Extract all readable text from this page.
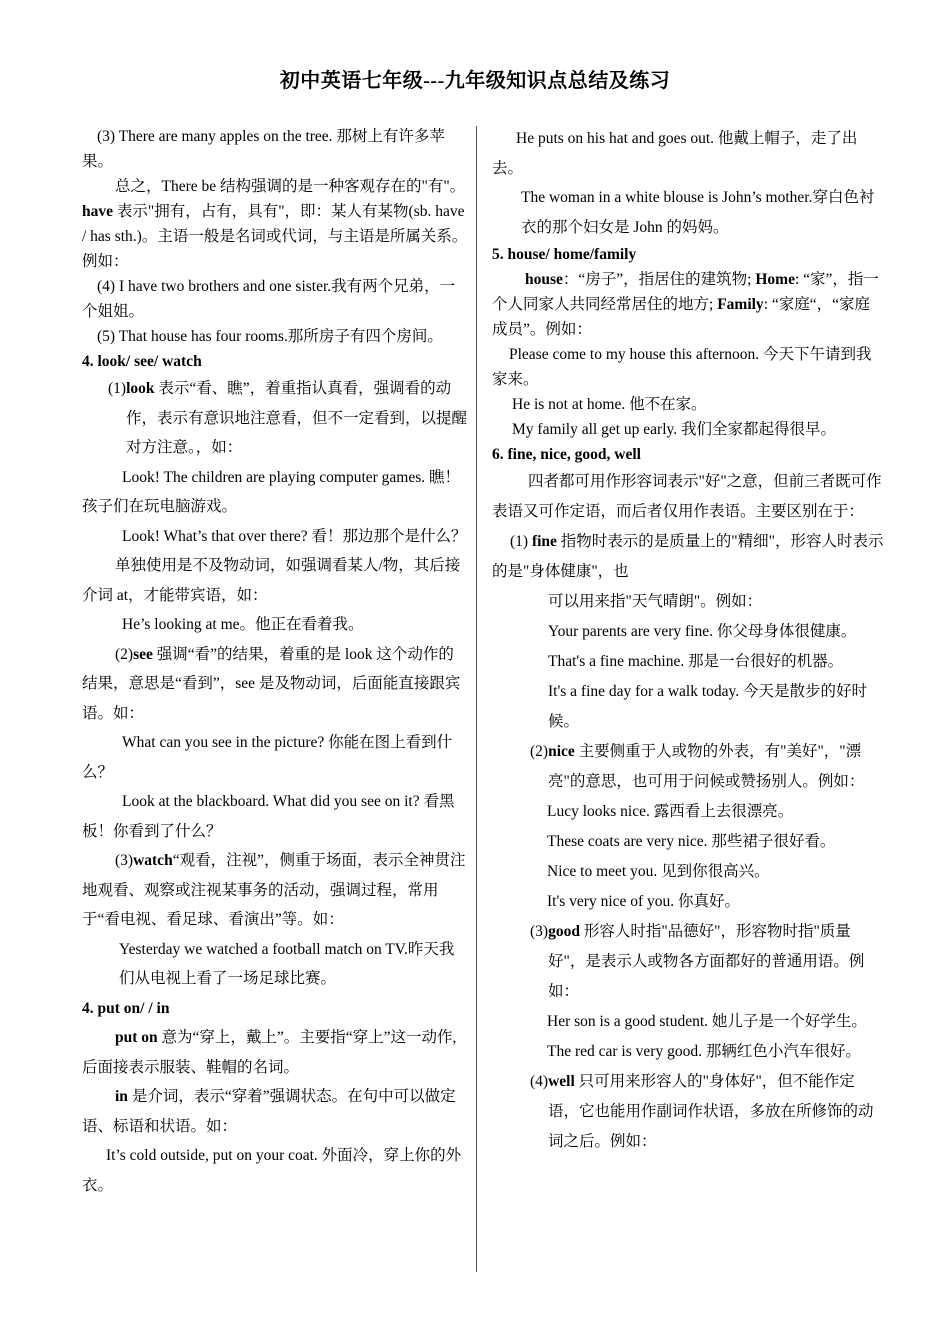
初中英语七年级---九年级知识点总结及练习

(3) There are many apples on the tree. 那树上有许多苹果。

总之，There be 结构强调的是一种客观存在的"有"。have 表示"拥有，占有，具有"，即：某人有某物(sb. have / has sth.)。主语一般是名词或代词，与主语是所属关系。例如：

(4) I have two brothers and one sister.我有两个兄弟，一个姐姐。

(5) That house has four rooms.那所房子有四个房间。

4. look/ see/ watch

(1)look 表示“看、瞧”，着重指认真看，强调看的动作，表示有意识地注意看，但不一定看到，以提醒对方注意。，如：

Look! The children are playing computer games. 瞧！孩子们在玩电脑游戏。

Look! What’s that over there? 看！那边那个是什么？

单独使用是不及物动词，如强调看某人/物，其后接介词 at，才能带宾语，如：

He’s looking at me。他正在看着我。

(2)see 强调“看”的结果，着重的是 look 这个动作的结果，意思是“看到”，see 是及物动词，后面能直接跟宾语。如：

What can you see in the picture? 你能在图上看到什么？

Look at the blackboard. What did you see on it? 看黑板！你看到了什么？

(3)watch“观看，注视”，侧重于场面，表示全神贯注地观看、观察或注视某事务的活动，强调过程，常用于“看电视、看足球、看演出”等。如：

Yesterday we watched a football match on TV.昨天我们从电视上看了一场足球比赛。

4. put on/ / in

put on 意为“穿上，戴上”。主要指“穿上”这一动作, 后面接表示服装、鞋帽的名词。

in 是介词，表示“穿着”强调状态。在句中可以做定语、标语和状语。如：

It’s cold outside, put on your coat. 外面冷，穿上你的外衣。

He puts on his hat and goes out. 他戴上帽子，走了出去。

The woman in a white blouse is John’s mother.穿白色衬衣的那个妇女是 John 的妈妈。

5. house/ home/family

house：“房子”，指居住的建筑物; Home: “家”，指一个人同家人共同经常居住的地方; Family: “家庭“，“家庭成员”。例如：

Please come to my house this afternoon. 今天下午请到我家来。

He is not at home. 他不在家。

My family all get up early. 我们全家都起得很早。

6. fine, nice, good, well

四者都可用作形容词表示"好"之意，但前三者既可作表语又可作定语，而后者仅用作表语。主要区别在于：

(1) fine 指物时表示的是质量上的"精细"，形容人时表示的是"身体健康"，也

可以用来指"天气晴朗"。例如：

Your parents are very fine. 你父母身体很健康。

That's a fine machine. 那是一台很好的机器。

It's a fine day for a walk today. 今天是散步的好时候。

(2)nice 主要侧重于人或物的外表，有"美好"，"漂亮"的意思，也可用于问候或赞扬别人。例如：

Lucy looks nice. 露西看上去很漂亮。

These coats are very nice. 那些裙子很好看。

Nice to meet you. 见到你很高兴。

It's very nice of you. 你真好。

(3)good 形容人时指"品德好"，形容物时指"质量好"，是表示人或物各方面都好的普通用语。例如：

Her son is a good student. 她儿子是一个好学生。

The red car is very good. 那辆红色小汽车很好。

(4)well 只可用来形容人的"身体好"，但不能作定语，它也能用作副词作状语，多放在所修饰的动词之后。例如：
